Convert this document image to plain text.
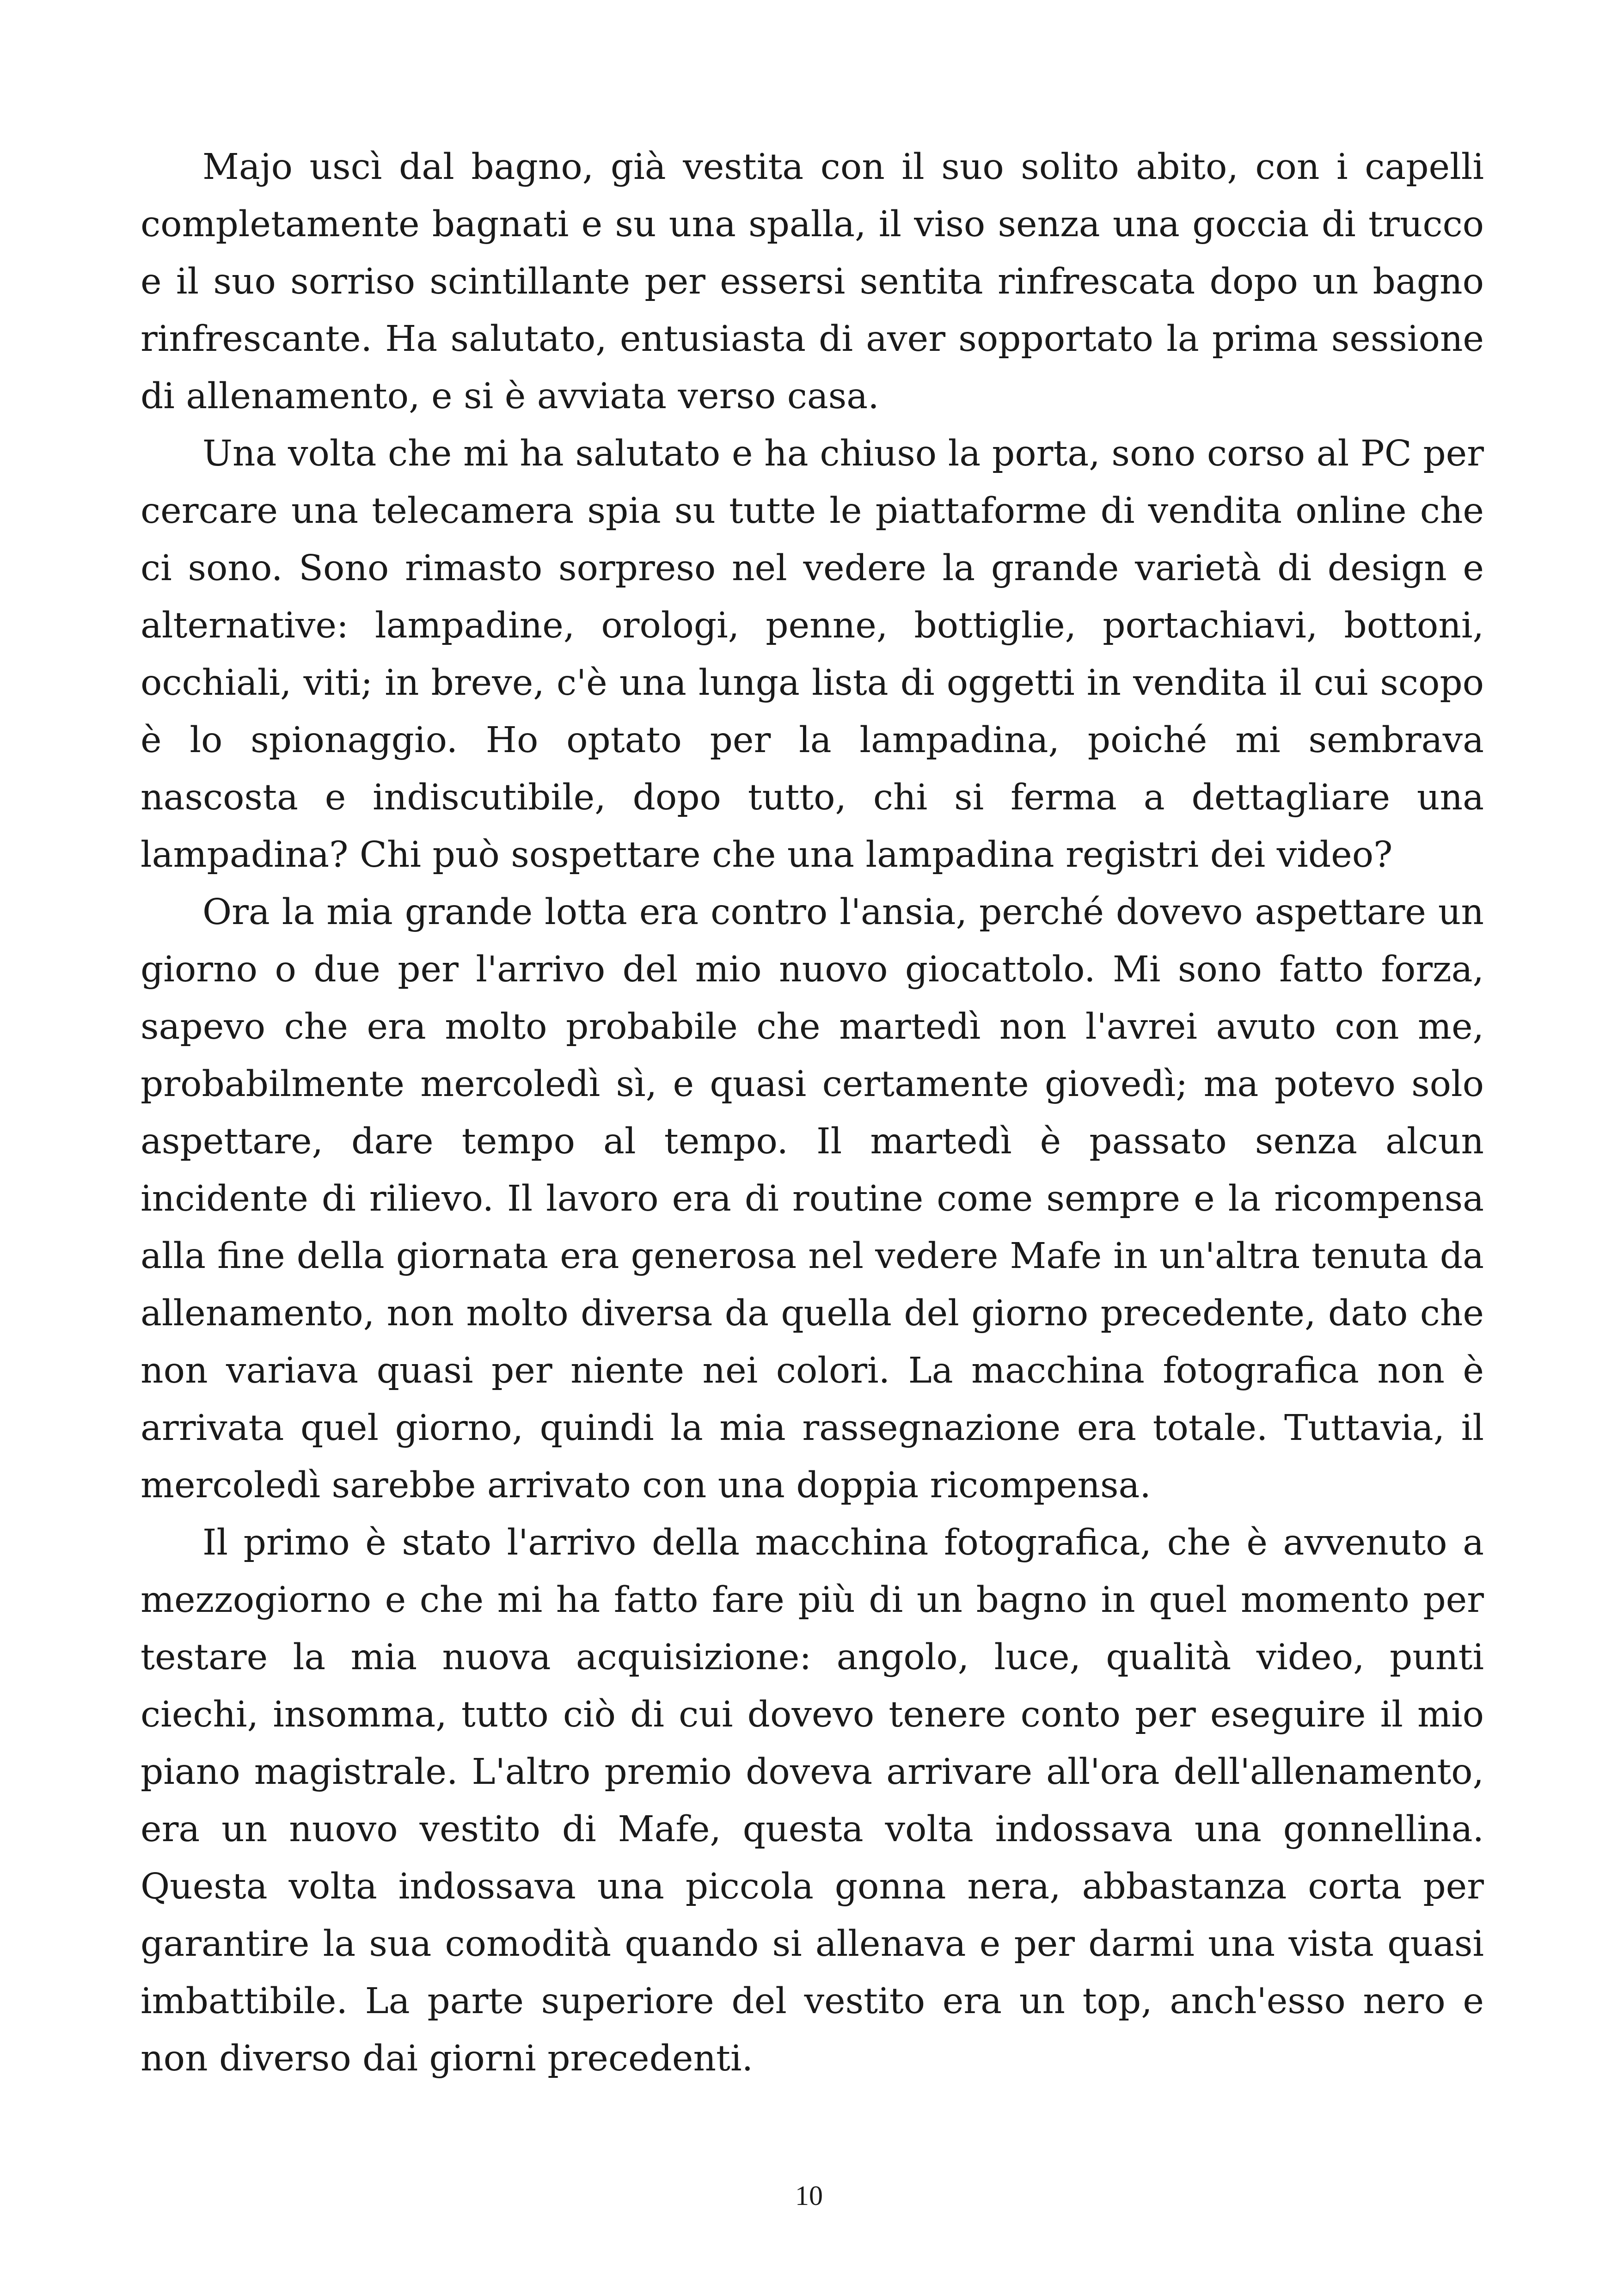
Majo uscì dal bagno, già vestita con il suo solito abito, con i capelli completamente bagnati e su una spalla, il viso senza una goccia di trucco e il suo sorriso scintillante per essersi sentita rinfrescata dopo un bagno rinfrescante. Ha salutato, entusiasta di aver sopportato la prima sessione di allenamento, e si è avviata verso casa.

Una volta che mi ha salutato e ha chiuso la porta, sono corso al PC per cercare una telecamera spia su tutte le piattaforme di vendita online che ci sono. Sono rimasto sorpreso nel vedere la grande varietà di design e alternative: lampadine, orologi, penne, bottiglie, portachiavi, bottoni, occhiali, viti; in breve, c'è una lunga lista di oggetti in vendita il cui scopo è lo spionaggio. Ho optato per la lampadina, poiché mi sembrava nascosta e indiscutibile, dopo tutto, chi si ferma a dettagliare una lampadina? Chi può sospettare che una lampadina registri dei video?

Ora la mia grande lotta era contro l'ansia, perché dovevo aspettare un giorno o due per l'arrivo del mio nuovo giocattolo. Mi sono fatto forza, sapevo che era molto probabile che martedì non l'avrei avuto con me, probabilmente mercoledì sì, e quasi certamente giovedì; ma potevo solo aspettare, dare tempo al tempo. Il martedì è passato senza alcun incidente di rilievo. Il lavoro era di routine come sempre e la ricompensa alla fine della giornata era generosa nel vedere Mafe in un'altra tenuta da allenamento, non molto diversa da quella del giorno precedente, dato che non variava quasi per niente nei colori. La macchina fotografica non è arrivata quel giorno, quindi la mia rassegnazione era totale. Tuttavia, il mercoledì sarebbe arrivato con una doppia ricompensa.

Il primo è stato l'arrivo della macchina fotografica, che è avvenuto a mezzogiorno e che mi ha fatto fare più di un bagno in quel momento per testare la mia nuova acquisizione: angolo, luce, qualità video, punti ciechi, insomma, tutto ciò di cui dovevo tenere conto per eseguire il mio piano magistrale. L'altro premio doveva arrivare all'ora dell'allenamento, era un nuovo vestito di Mafe, questa volta indossava una gonnellina. Questa volta indossava una piccola gonna nera, abbastanza corta per garantire la sua comodità quando si allenava e per darmi una vista quasi imbattibile. La parte superiore del vestito era un top, anch'esso nero e non diverso dai giorni precedenti.

10
